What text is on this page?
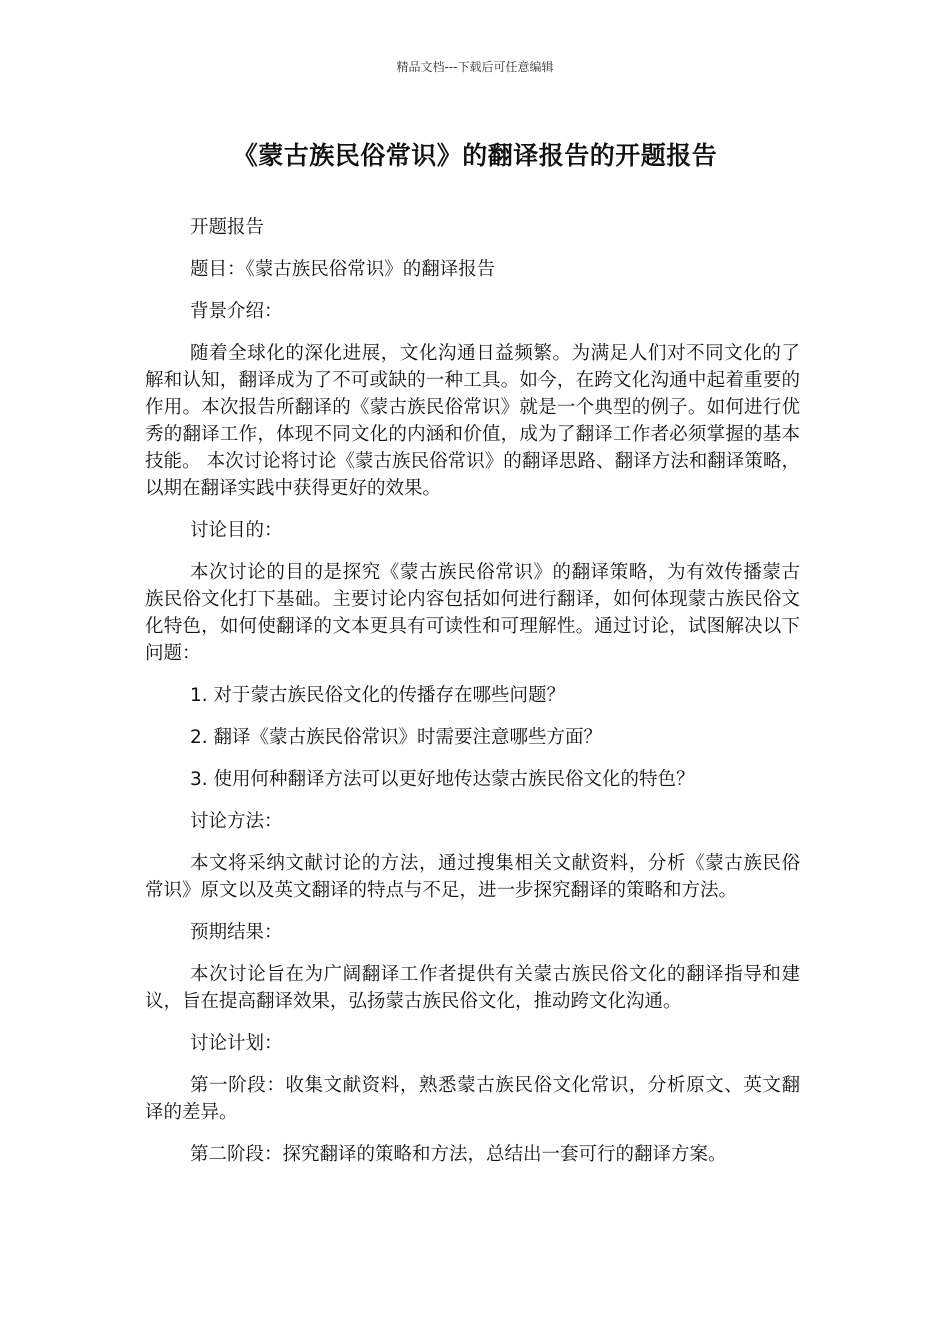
精品文档---下载后可任意编辑
《蒙古族民俗常识》的翻译报告的开题报告

开题报告

题目：《蒙古族民俗常识》的翻译报告

背景介绍：

随着全球化的深化进展，文化沟通日益频繁。为满足人们对不同文化的了解和认知，翻译成为了不可或缺的一种工具。如今，在跨文化沟通中起着重要的作用。本次报告所翻译的《蒙古族民俗常识》就是一个典型的例子。如何进行优秀的翻译工作，体现不同文化的内涵和价值，成为了翻译工作者必须掌握的基本技能。 本次讨论将讨论《蒙古族民俗常识》的翻译思路、翻译方法和翻译策略，以期在翻译实践中获得更好的效果。

讨论目的：

本次讨论的目的是探究《蒙古族民俗常识》的翻译策略，为有效传播蒙古族民俗文化打下基础。主要讨论内容包括如何进行翻译，如何体现蒙古族民俗文化特色，如何使翻译的文本更具有可读性和可理解性。通过讨论，试图解决以下问题：

1. 对于蒙古族民俗文化的传播存在哪些问题？

2. 翻译《蒙古族民俗常识》时需要注意哪些方面？

3. 使用何种翻译方法可以更好地传达蒙古族民俗文化的特色？

讨论方法：

本文将采纳文献讨论的方法，通过搜集相关文献资料，分析《蒙古族民俗常识》原文以及英文翻译的特点与不足，进一步探究翻译的策略和方法。

预期结果：

本次讨论旨在为广阔翻译工作者提供有关蒙古族民俗文化的翻译指导和建议，旨在提高翻译效果，弘扬蒙古族民俗文化，推动跨文化沟通。

讨论计划：

第一阶段：收集文献资料，熟悉蒙古族民俗文化常识，分析原文、英文翻译的差异。

第二阶段：探究翻译的策略和方法，总结出一套可行的翻译方案。
